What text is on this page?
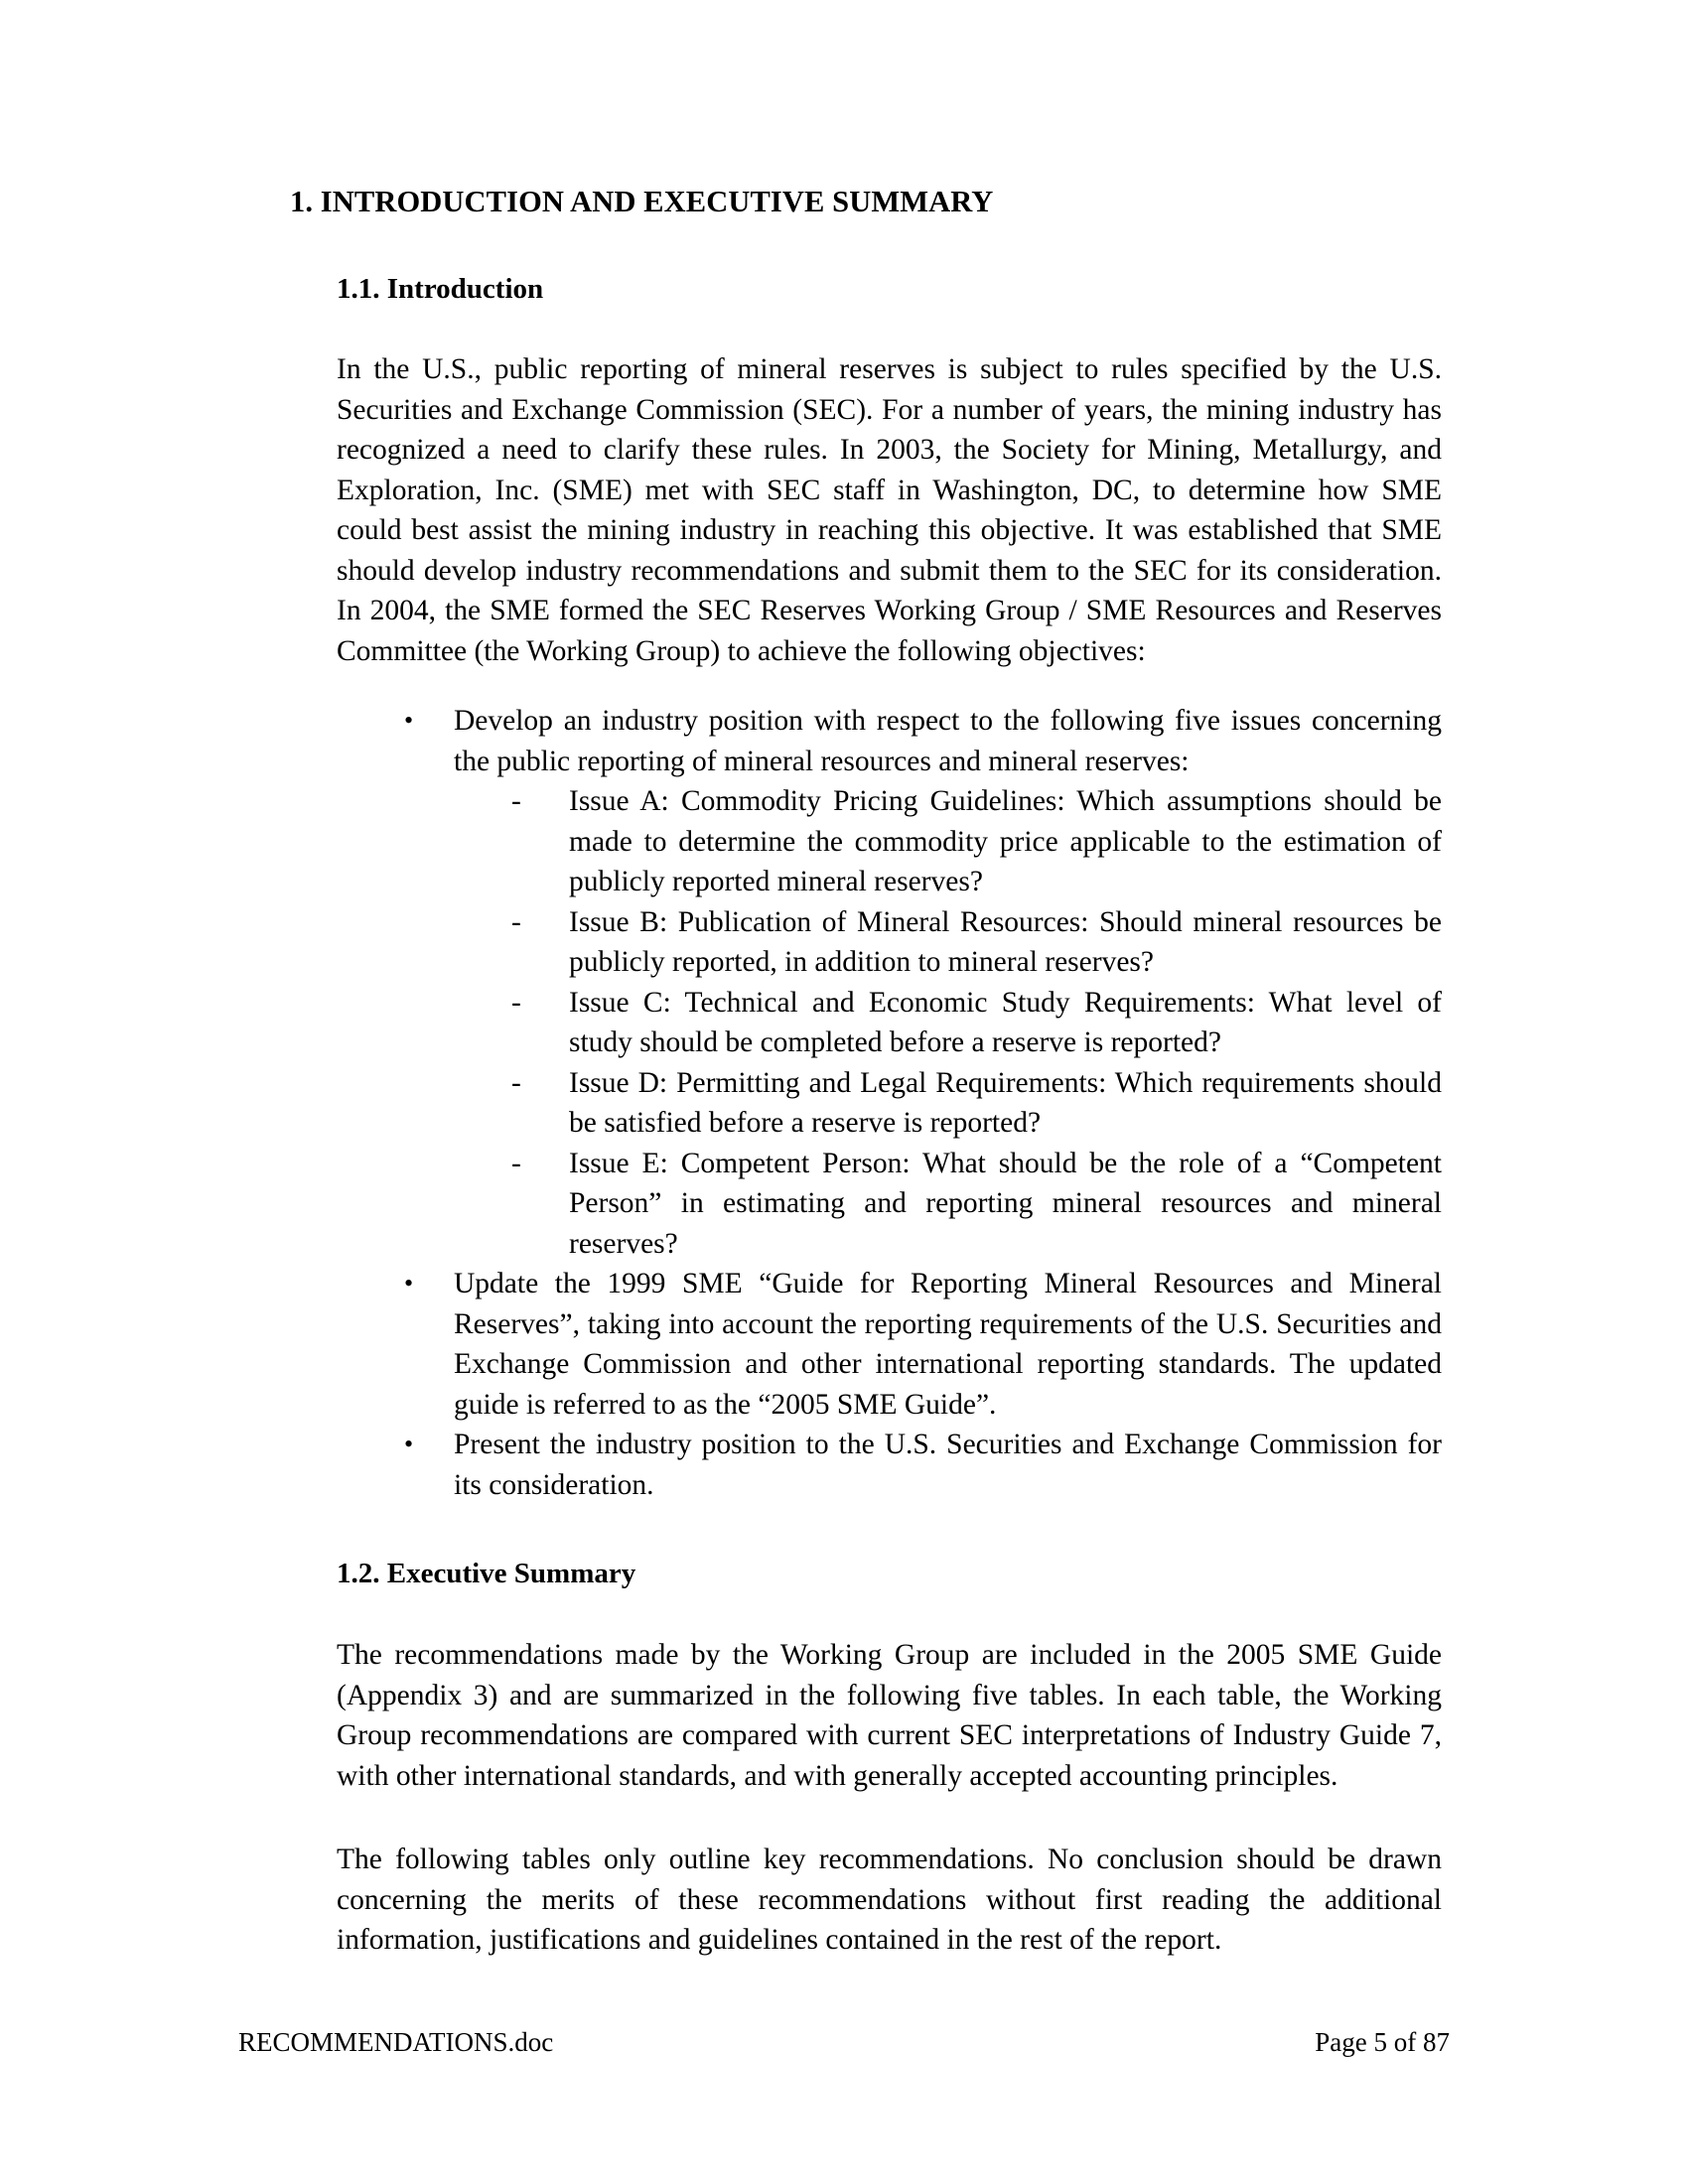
1. INTRODUCTION AND EXECUTIVE SUMMARY
1.1. Introduction

In the U.S., public reporting of mineral reserves is subject to rules specified by the U.S. Securities and Exchange Commission (SEC). For a number of years, the mining industry has recognized a need to clarify these rules. In 2003, the Society for Mining, Metallurgy, and Exploration, Inc. (SME) met with SEC staff in Washington, DC, to determine how SME could best assist the mining industry in reaching this objective. It was established that SME should develop industry recommendations and submit them to the SEC for its consideration. In 2004, the SME formed the SEC Reserves Working Group / SME Resources and Reserves Committee (the Working Group) to achieve the following objectives:

• Develop an industry position with respect to the following five issues concerning the public reporting of mineral resources and mineral reserves:
- Issue A: Commodity Pricing Guidelines: Which assumptions should be made to determine the commodity price applicable to the estimation of publicly reported mineral reserves?
- Issue B: Publication of Mineral Resources: Should mineral resources be publicly reported, in addition to mineral reserves?
- Issue C: Technical and Economic Study Requirements: What level of study should be completed before a reserve is reported?
- Issue D: Permitting and Legal Requirements: Which requirements should be satisfied before a reserve is reported?
- Issue E: Competent Person: What should be the role of a “Competent Person” in estimating and reporting mineral resources and mineral reserves?
• Update the 1999 SME “Guide for Reporting Mineral Resources and Mineral Reserves”, taking into account the reporting requirements of the U.S. Securities and Exchange Commission and other international reporting standards. The updated guide is referred to as the “2005 SME Guide”.
• Present the industry position to the U.S. Securities and Exchange Commission for its consideration.
1.2. Executive Summary

The recommendations made by the Working Group are included in the 2005 SME Guide (Appendix 3) and are summarized in the following five tables. In each table, the Working Group recommendations are compared with current SEC interpretations of Industry Guide 7, with other international standards, and with generally accepted accounting principles.

The following tables only outline key recommendations. No conclusion should be drawn concerning the merits of these recommendations without first reading the additional information, justifications and guidelines contained in the rest of the report.

RECOMMENDATIONS.doc	Page 5 of 87
